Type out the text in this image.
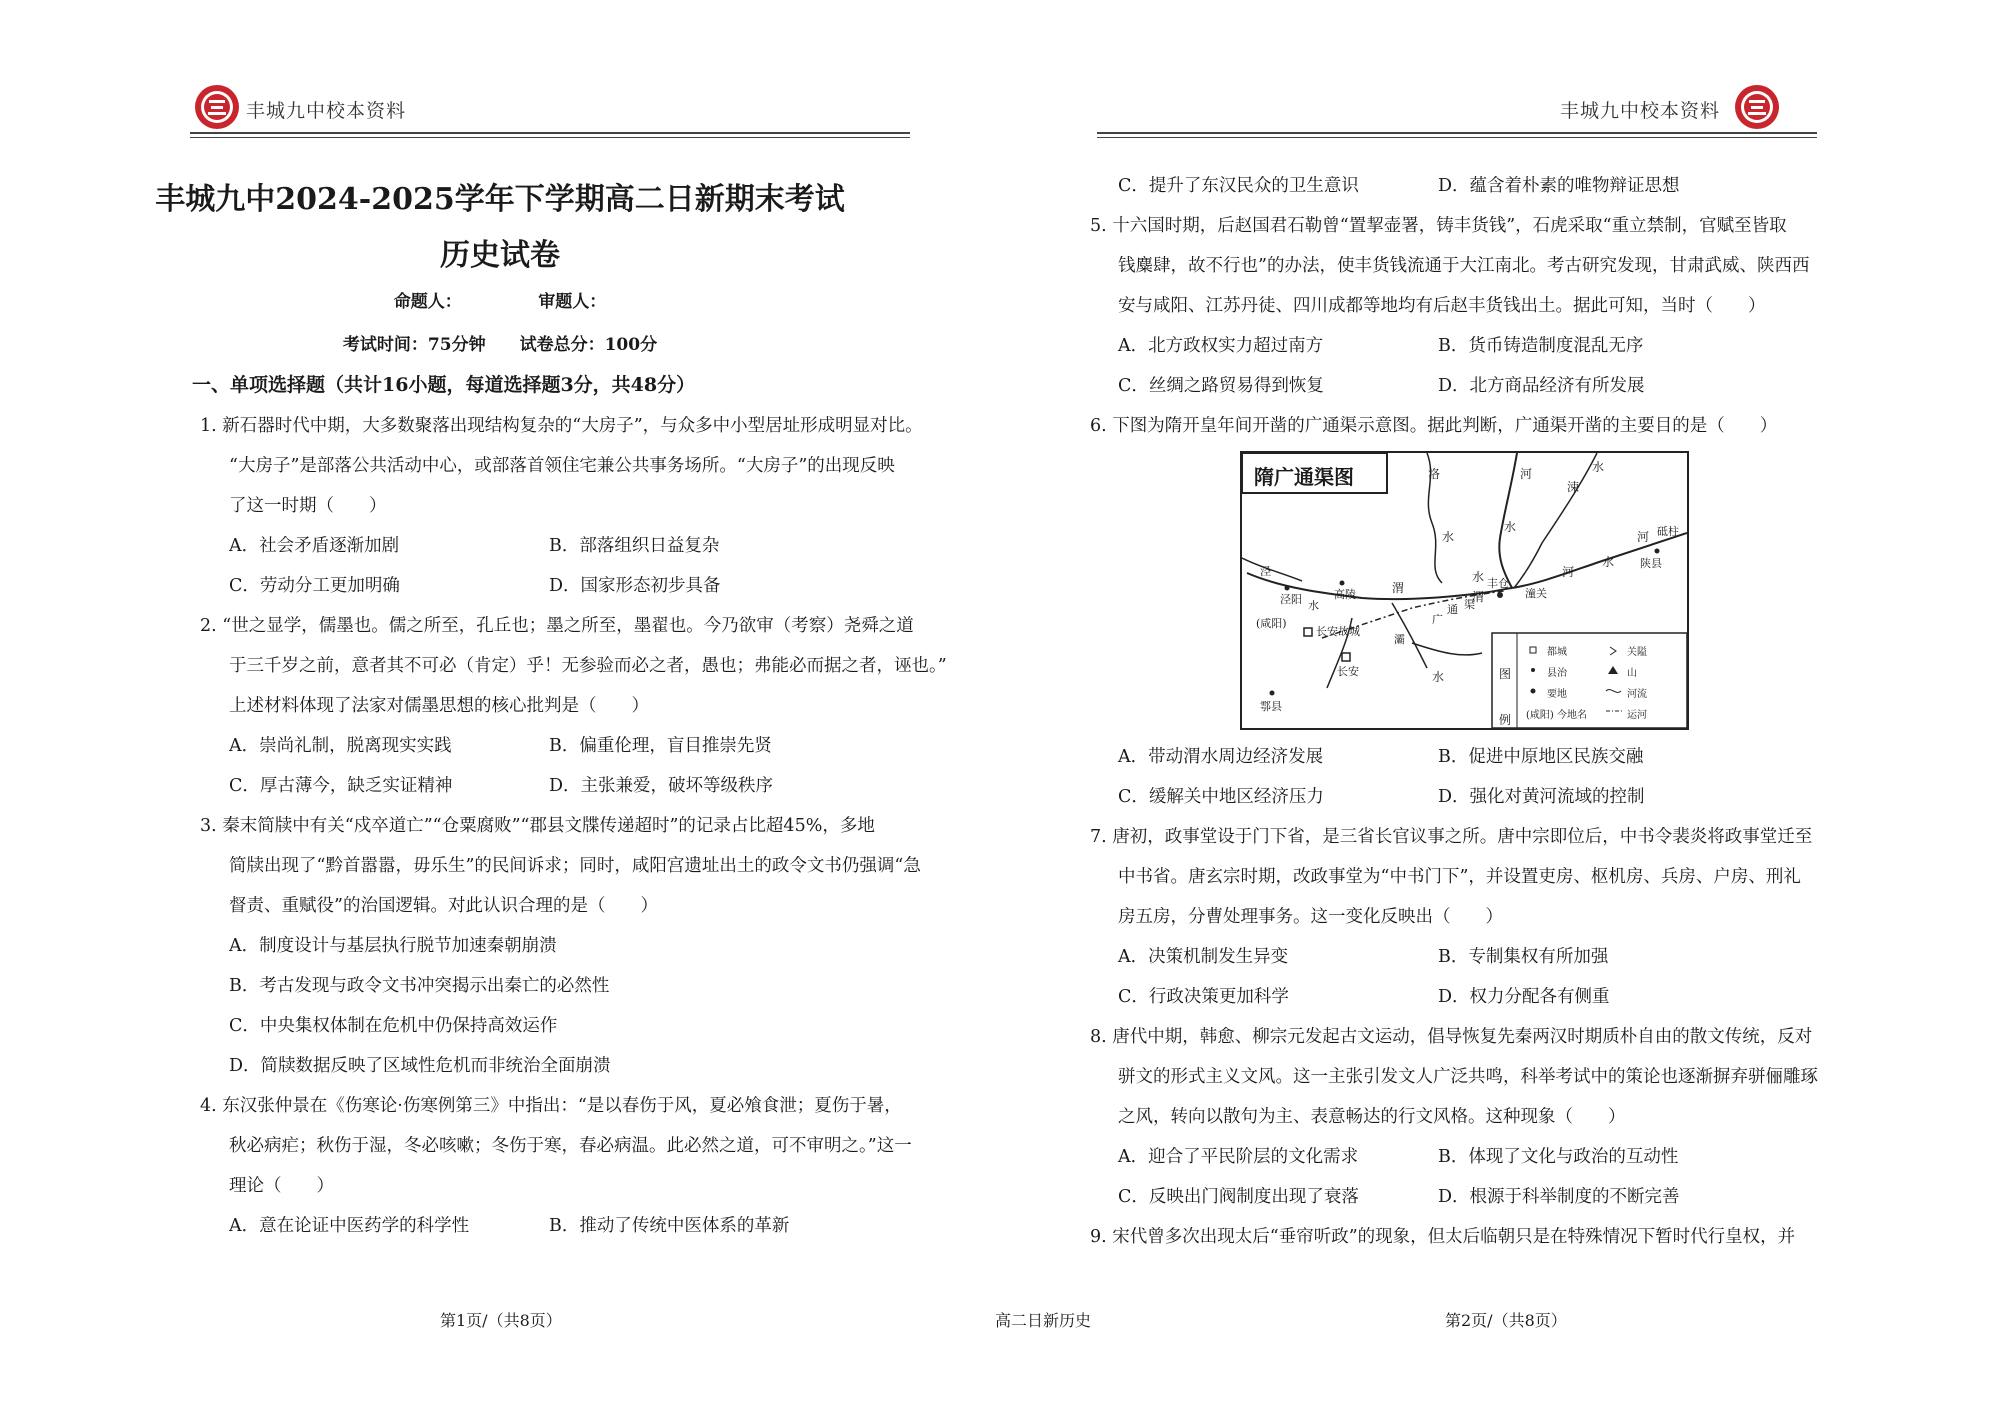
丰城九中校本资料
丰城九中2024-2025学年下学期高二日新期末考试
历史试卷
命题人：　　　　　审题人：
考试时间：75分钟　　试卷总分：100分
一、单项选择题（共计16小题，每道选择题3分，共48分）
1. 新石器时代中期，大多数聚落出现结构复杂的“大房子”，与众多中小型居址形成明显对比。
“大房子”是部落公共活动中心，或部落首领住宅兼公共事务场所。“大房子”的出现反映
了这一时期（　　）
A．社会矛盾逐渐加剧	B．部落组织日益复杂
C．劳动分工更加明确	D．国家形态初步具备
2. “世之显学，儒墨也。儒之所至，孔丘也；墨之所至，墨翟也。今乃欲审（考察）尧舜之道
于三千岁之前，意者其不可必（肯定）乎！无参验而必之者，愚也；弗能必而据之者，诬也。”
上述材料体现了法家对儒墨思想的核心批判是（　　）
A．崇尚礼制，脱离现实实践	B．偏重伦理，盲目推崇先贤
C．厚古薄今，缺乏实证精神	D．主张兼爱，破坏等级秩序
3. 秦末简牍中有关“戍卒道亡”“仓粟腐败”“郡县文牒传递超时”的记录占比超45%，多地
简牍出现了“黔首嚣嚣，毋乐生”的民间诉求；同时，咸阳宫遗址出土的政令文书仍强调“急
督责、重赋役”的治国逻辑。对此认识合理的是（　　）
A．制度设计与基层执行脱节加速秦朝崩溃
B．考古发现与政令文书冲突揭示出秦亡的必然性
C．中央集权体制在危机中仍保持高效运作
D．简牍数据反映了区域性危机而非统治全面崩溃
4. 东汉张仲景在《伤寒论·伤寒例第三》中指出：“是以春伤于风，夏必飧食泄；夏伤于暑，
秋必病疟；秋伤于湿，冬必咳嗽；冬伤于寒，春必病温。此必然之道，可不审明之。”这一
理论（　　）
A．意在论证中医药学的科学性	B．推动了传统中医体系的革新
第1页/（共8页）	高二日新历史
丰城九中校本资料
C．提升了东汉民众的卫生意识	D．蕴含着朴素的唯物辩证思想
5. 十六国时期，后赵国君石勒曾“置挈壶署，铸丰货钱”，石虎采取“重立禁制，官赋至皆取
钱麋肆，故不行也”的办法，使丰货钱流通于大江南北。考古研究发现，甘肃武威、陕西西
安与咸阳、江苏丹徒、四川成都等地均有后赵丰货钱出土。据此可知，当时（　　）
A．北方政权实力超过南方	B．货币铸造制度混乱无序
C．丝绸之路贸易得到恢复	D．北方商品经济有所发展
6. 下图为隋开皇年间开凿的广通渠示意图。据此判断，广通渠开凿的主要目的是（　　）
隋广通渠图	洛	河
水
涑
水
砥柱
陕县
泾	河
水
水
丰仓
潼关
泾阳 水
高陵	渭
(咸阳)
长安故城
灞
广
通 渠
长安	水
水
鄠县
河
渭
图例
都城	关隘
县治	山
要地	河流
(咸阳) 今地名	运河
A．带动渭水周边经济发展	B．促进中原地区民族交融
C．缓解关中地区经济压力	D．强化对黄河流域的控制
7. 唐初，政事堂设于门下省，是三省长官议事之所。唐中宗即位后，中书令裴炎将政事堂迁至
中书省。唐玄宗时期，改政事堂为“中书门下”，并设置吏房、枢机房、兵房、户房、刑礼
房五房，分曹处理事务。这一变化反映出（　　）
A．决策机制发生异变	B．专制集权有所加强
C．行政决策更加科学	D．权力分配各有侧重
8. 唐代中期，韩愈、柳宗元发起古文运动，倡导恢复先秦两汉时期质朴自由的散文传统，反对
骈文的形式主义文风。这一主张引发文人广泛共鸣，科举考试中的策论也逐渐摒弃骈俪雕琢
之风，转向以散句为主、表意畅达的行文风格。这种现象（　　）
A．迎合了平民阶层的文化需求	B．体现了文化与政治的互动性
C．反映出门阀制度出现了衰落	D．根源于科举制度的不断完善
9. 宋代曾多次出现太后“垂帘听政”的现象，但太后临朝只是在特殊情况下暂时代行皇权，并
第2页/（共8页）
